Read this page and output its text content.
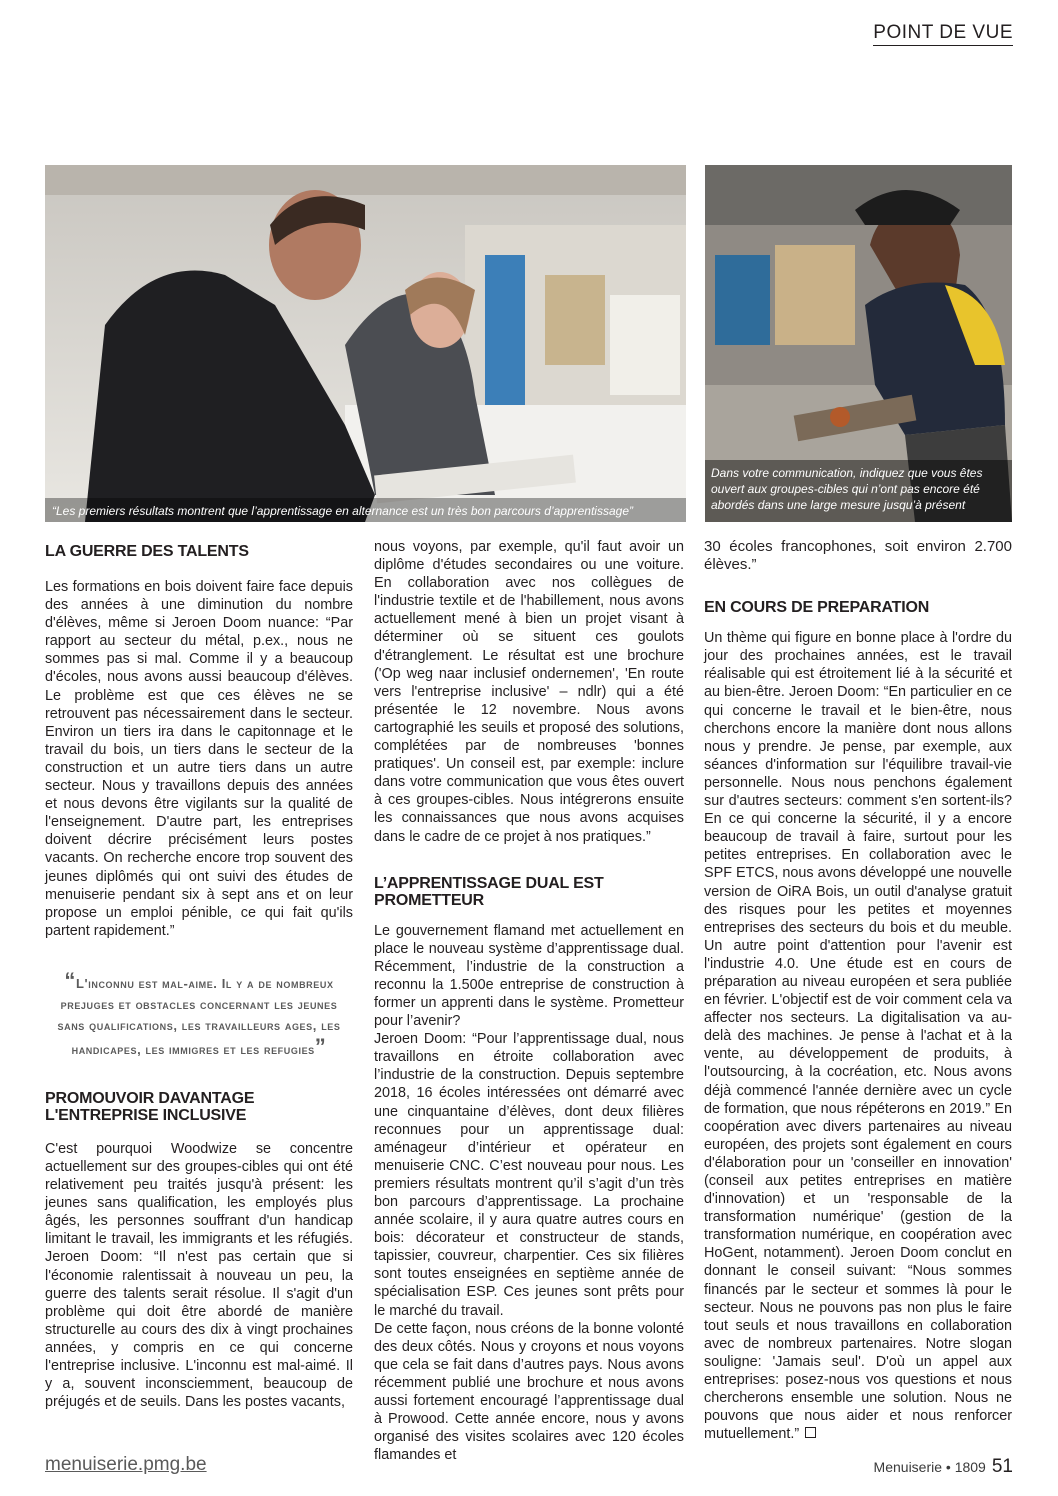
POINT DE VUE
“Les premiers résultats montrent que l’apprentissage en alternance est un très bon parcours d’apprentissage”
Dans votre communication, indiquez que vous êtes ouvert aux groupes-cibles qui n’ont pas encore été abordés dans une large mesure jusqu’à présent
LA GUERRE DES TALENTS

Les formations en bois doivent faire face depuis des années à une diminution du nombre d'élèves, même si Jeroen Doom nuance: “Par rapport au secteur du métal, p.ex., nous ne sommes pas si mal. Comme il y a beaucoup d'écoles, nous avons aussi beaucoup d'élèves. Le problème est que ces élèves ne se retrouvent pas nécessairement dans le secteur. Environ un tiers ira dans le capitonnage et le travail du bois, un tiers dans le secteur de la construction et un autre tiers dans un autre secteur. Nous y travaillons depuis des années et nous devons être vigilants sur la qualité de l'enseignement. D'autre part, les entreprises doivent décrire précisément leurs postes vacants. On recherche encore trop souvent des jeunes diplômés qui ont suivi des études de menuiserie pendant six à sept ans et on leur propose un emploi pénible, ce qui fait qu'ils partent rapidement.”

“L'inconnu est mal-aime. Il y a de nombreux prejuges et obstacles concernant les jeunes sans qualifications, les travailleurs ages, les handicapes, les immigres et les refugies”
PROMOUVOIR DAVANTAGE L'ENTREPRISE INCLUSIVE

C'est pourquoi Woodwize se concentre actuellement sur des groupes-cibles qui ont été relativement peu traités jusqu'à présent: les jeunes sans qualification, les employés plus âgés, les personnes souffrant d'un handicap limitant le travail, les immigrants et les réfugiés. Jeroen Doom: “Il n'est pas certain que si l'économie ralentissait à nouveau un peu, la guerre des talents serait résolue. Il s'agit d'un problème qui doit être abordé de manière structurelle au cours des dix à vingt prochaines années, y compris en ce qui concerne l'entreprise inclusive. L'inconnu est mal-aimé. Il y a, souvent inconsciemment, beaucoup de préjugés et de seuils. Dans les postes vacants,

nous voyons, par exemple, qu'il faut avoir un diplôme d'études secondaires ou une voiture. En collaboration avec nos collègues de l'industrie textile et de l'habillement, nous avons actuellement mené à bien un projet visant à déterminer où se situent ces goulots d'étranglement. Le résultat est une brochure ('Op weg naar inclusief ondernemen', 'En route vers l'entreprise inclusive' – ndlr) qui a été présentée le 12 novembre. Nous avons cartographié les seuils et proposé des solutions, complétées par de nombreuses 'bonnes pratiques'. Un conseil est, par exemple: inclure dans votre communication que vous êtes ouvert à ces groupes-cibles. Nous intégrerons ensuite les connaissances que nous avons acquises dans le cadre de ce projet à nos pratiques.”

L’APPRENTISSAGE DUAL EST PROMETTEUR

Le gouvernement flamand met actuellement en place le nouveau système d’apprentissage dual. Récemment, l’industrie de la construction a reconnu la 1.500e entreprise de construction à former un apprenti dans le système. Prometteur pour l’avenir?

Jeroen Doom: “Pour l’apprentissage dual, nous travaillons en étroite collaboration avec l’industrie de la construction. Depuis septembre 2018, 16 écoles intéressées ont démarré avec une cinquantaine d’élèves, dont deux filières reconnues pour un apprentissage dual: aménageur d’intérieur et opérateur en menuiserie CNC. C’est nouveau pour nous. Les premiers résultats montrent qu’il s’agit d’un très bon parcours d’apprentissage. La prochaine année scolaire, il y aura quatre autres cours en bois: décorateur et constructeur de stands, tapissier, couvreur, charpentier. Ces six filières sont toutes enseignées en septième année de spécialisation ESP. Ces jeunes sont prêts pour le marché du travail.

De cette façon, nous créons de la bonne volonté des deux côtés. Nous y croyons et nous voyons que cela se fait dans d’autres pays. Nous avons récemment publié une brochure et nous avons aussi fortement encouragé l’apprentissage dual à Prowood. Cette année encore, nous y avons organisé des visites scolaires avec 120 écoles flamandes et

30 écoles francophones, soit environ 2.700 élèves.”

EN COURS DE PREPARATION

Un thème qui figure en bonne place à l'ordre du jour des prochaines années, est le travail réalisable qui est étroitement lié à la sécurité et au bien-être. Jeroen Doom: “En particulier en ce qui concerne le travail et le bien-être, nous cherchons encore la manière dont nous allons nous y prendre. Je pense, par exemple, aux séances d'information sur l'équilibre travail-vie personnelle. Nous nous penchons également sur d'autres secteurs: comment s'en sortent-ils? En ce qui concerne la sécurité, il y a encore beaucoup de travail à faire, surtout pour les petites entreprises. En collaboration avec le SPF ETCS, nous avons développé une nouvelle version de OiRA Bois, un outil d'analyse gratuit des risques pour les petites et moyennes entreprises des secteurs du bois et du meuble. Un autre point d'attention pour l'avenir est l'industrie 4.0. Une étude est en cours de préparation au niveau européen et sera publiée en février. L'objectif est de voir comment cela va affecter nos secteurs. La digitalisation va au-delà des machines. Je pense à l'achat et à la vente, au développement de produits, à l'outsourcing, à la cocréation, etc. Nous avons déjà commencé l'année dernière avec un cycle de formation, que nous répéterons en 2019.” En coopération avec divers partenaires au niveau européen, des projets sont également en cours d'élaboration pour un 'conseiller en innovation' (conseil aux petites entreprises en matière d'innovation) et un 'responsable de la transformation numérique' (gestion de la transformation numérique, en coopération avec HoGent, notamment). Jeroen Doom conclut en donnant le conseil suivant: “Nous sommes financés par le secteur et sommes là pour le secteur. Nous ne pouvons pas non plus le faire tout seuls et nous travaillons en collaboration avec de nombreux partenaires. Notre slogan souligne: 'Jamais seul'. D'où un appel aux entreprises: posez-nous vos questions et nous chercherons ensemble une solution. Nous ne pouvons que nous aider et nous renforcer mutuellement.”

menuiserie.pmg.be	Menuiserie • 1809 51
